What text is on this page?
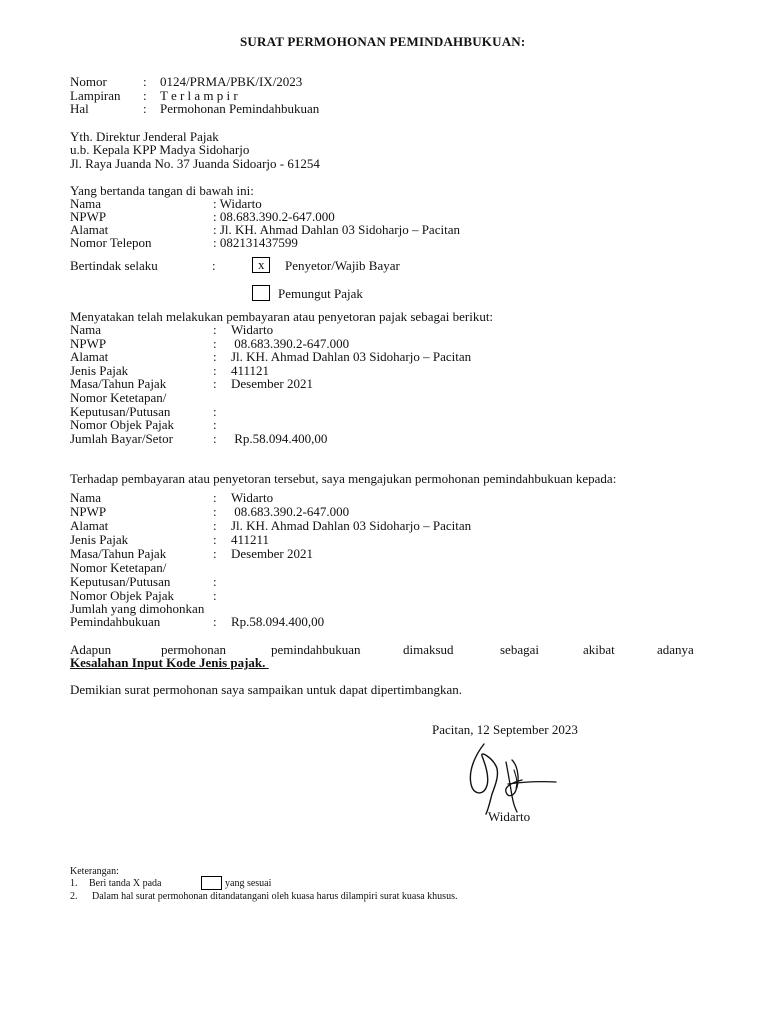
SURAT PERMOHONAN PEMINDAHBUKUAN:
Nomor	: 0124/PRMA/PBK/IX/2023
Lampiran : T e r l a m p i r
Hal	: Permohonan Pemindahbukuan
Yth. Direktur Jenderal Pajak
u.b. Kepala KPP Madya Sidoharjo
Jl. Raya Juanda No. 37 Juanda Sidoarjo - 61254
Yang bertanda tangan di bawah ini:
Nama	: Widarto
NPWP	: 08.683.390.2-647.000
Alamat	: Jl. KH. Ahmad Dahlan 03 Sidoharjo – Pacitan
Nomor Telepon	: 082131437599
Bertindak selaku	:	x Penyetor/Wajib Bayar
Pemungut Pajak
Menyatakan telah melakukan pembayaran atau penyetoran pajak sebagai berikut:
Nama	: Widarto
NPWP	: 08.683.390.2-647.000
Alamat	: Jl. KH. Ahmad Dahlan 03 Sidoharjo – Pacitan
Jenis Pajak	: 411121
Masa/Tahun Pajak	: Desember 2021
Nomor Ketetapan/
Keputusan/Putusan	:
Nomor Objek Pajak	:
Jumlah Bayar/Setor	: Rp.58.094.400,00
Terhadap pembayaran atau penyetoran tersebut, saya mengajukan permohonan pemindahbukuan kepada:
Nama	: Widarto
NPWP	: 08.683.390.2-647.000
Alamat	: Jl. KH. Ahmad Dahlan 03 Sidoharjo – Pacitan
Jenis Pajak	: 411211
Masa/Tahun Pajak	: Desember 2021
Nomor Ketetapan/
Keputusan/Putusan	:
Nomor Objek Pajak	:
Jumlah yang dimohonkan
Pemindahbukuan	: Rp.58.094.400,00
Adapun	permohonan	pemindahbukuan	dimaksud	sebagai	akibat	adanya
Kesalahan Input Kode Jenis pajak.
Demikian surat permohonan saya sampaikan untuk dapat dipertimbangkan.
Pacitan, 12 September 2023
Widarto
Keterangan:
1. Beri tanda X pada	yang sesuai
2. Dalam hal surat permohonan ditandatangani oleh kuasa harus dilampiri surat kuasa khusus.
